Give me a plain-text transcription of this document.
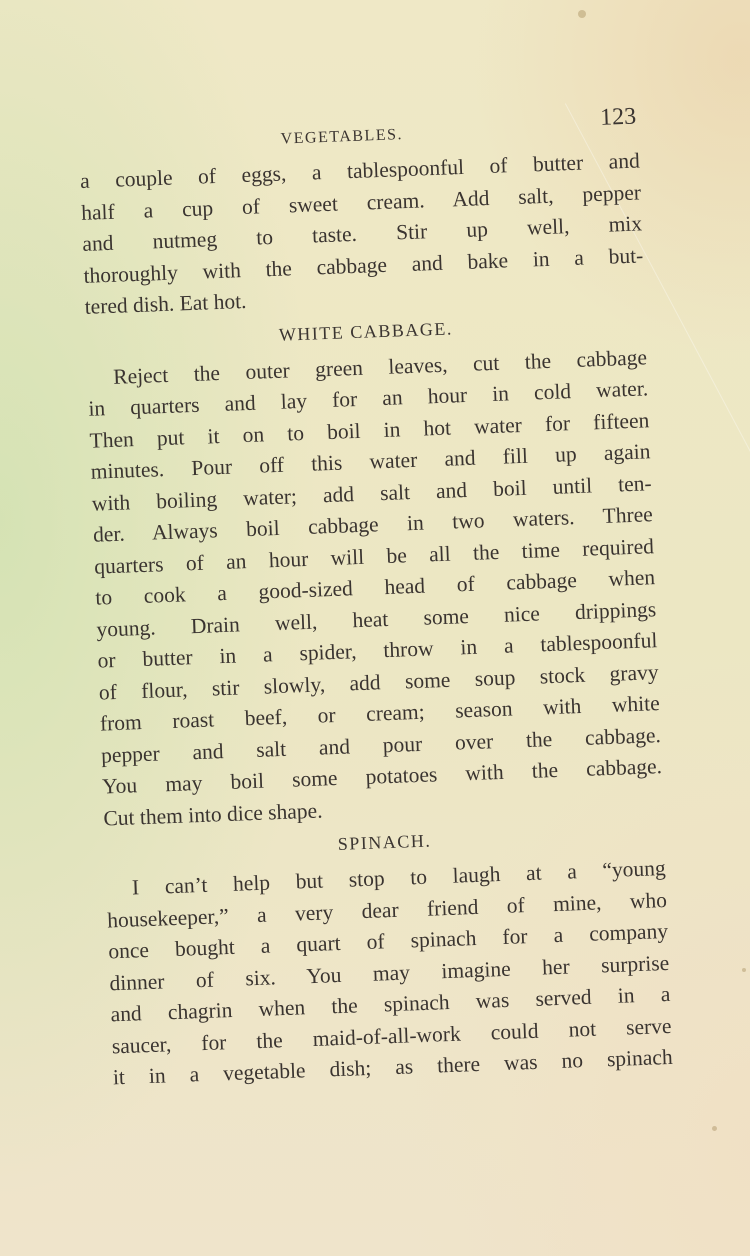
VEGETABLES.
123
a couple of eggs, a tablespoonful of butter and
half a cup of sweet cream. Add salt, pepper
and nutmeg to taste. Stir up well, mix
thoroughly with the cabbage and bake in a but-
tered dish. Eat hot.
WHITE CABBAGE.
Reject the outer green leaves, cut the cabbage
in quarters and lay for an hour in cold water.
Then put it on to boil in hot water for fifteen
minutes. Pour off this water and fill up again
with boiling water; add salt and boil until ten-
der. Always boil cabbage in two waters. Three
quarters of an hour will be all the time required
to cook a good-sized head of cabbage when
young. Drain well, heat some nice drippings
or butter in a spider, throw in a tablespoonful
of flour, stir slowly, add some soup stock gravy
from roast beef, or cream; season with white
pepper and salt and pour over the cabbage.
You may boil some potatoes with the cabbage.
Cut them into dice shape.
SPINACH.
I can’t help but stop to laugh at a “young
housekeeper,” a very dear friend of mine, who
once bought a quart of spinach for a company
dinner of six. You may imagine her surprise
and chagrin when the spinach was served in a
saucer, for the maid-of-all-work could not serve
it in a vegetable dish; as there was no spinach
